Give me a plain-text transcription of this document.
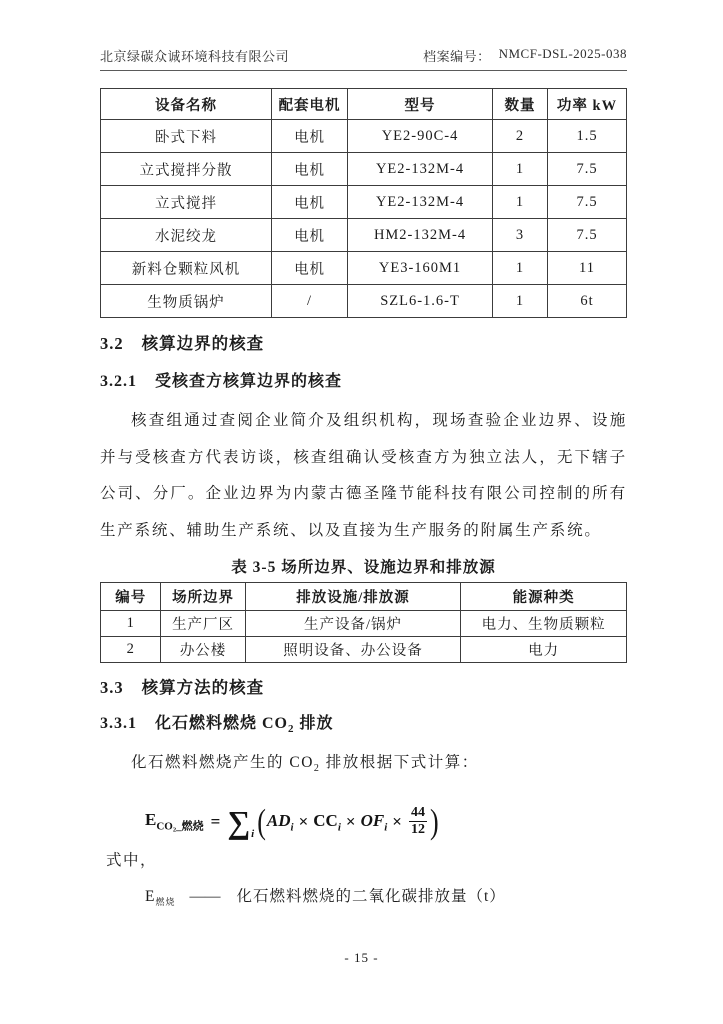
北京绿碳众诚环境科技有限公司	档案编号： NMCF-DSL-2025-038
设备名称	配套电机	型号	数量	功率 kW
卧式下料	电机	YE2-90C-4	2	1.5
立式搅拌分散	电机	YE2-132M-4	1	7.5
立式搅拌	电机	YE2-132M-4	1	7.5
水泥绞龙	电机	HM2-132M-4	3	7.5
新料仓颗粒风机	电机	YE3-160M1	1	11
生物质锅炉	/	SZL6-1.6-T	1	6t
3.2 核算边界的核查
3.2.1 受核查方核算边界的核查

核查组通过查阅企业简介及组织机构，现场查验企业边界、设施并与受核查方代表访谈，核查组确认受核查方为独立法人，无下辖子公司、分厂。企业边界为内蒙古德圣隆节能科技有限公司控制的所有生产系统、辅助生产系统、以及直接为生产服务的附属生产系统。

表 3-5 场所边界、设施边界和排放源
编号	场所边界	排放设施/排放源	能源种类
1	生产厂区	生产设备/锅炉	电力、生物质颗粒
2	办公楼	照明设备、办公设备	电力
3.3 核算方法的核查
3.3.1 化石燃料燃烧 $CO_2$ 排放

化石燃料燃烧产生的 $CO_2$ 排放根据下式计算：

$E_{CO_2\_燃烧}$ = ∑ i ( $AD_i \times CC_i \times OF_i \times \frac{44}{12}$ )

式中，

$E_{燃烧}$ —— 化石燃料燃烧的二氧化碳排放量（t）
- 15 -
